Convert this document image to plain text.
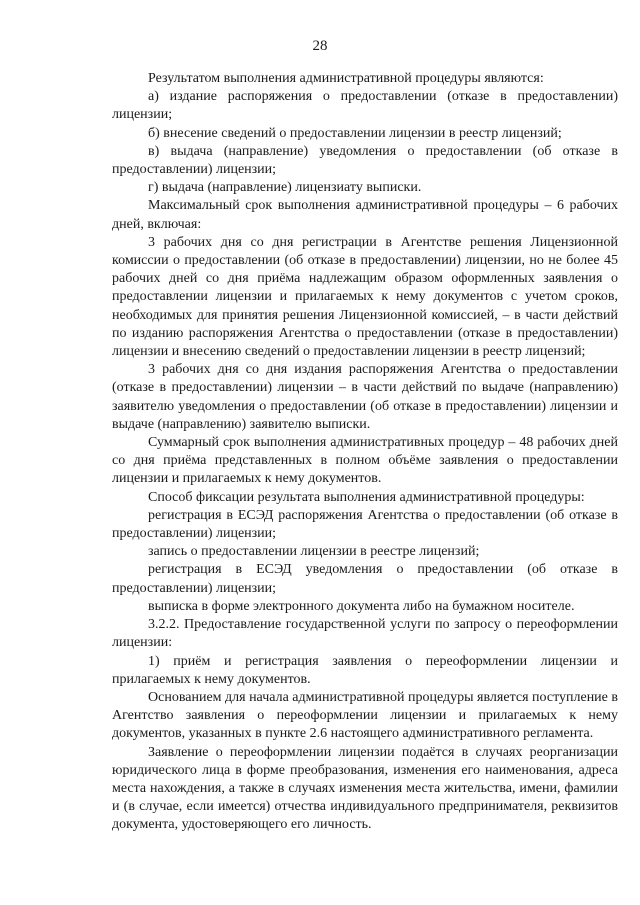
28

Результатом выполнения административной процедуры являются:

а) издание распоряжения о предоставлении (отказе в предоставлении) лицензии;

б) внесение сведений о предоставлении лицензии в реестр лицензий;

в) выдача (направление) уведомления о предоставлении (об отказе в предоставлении) лицензии;

г) выдача (направление) лицензиату выписки.

Максимальный срок выполнения административной процедуры – 6 рабочих дней, включая:

3 рабочих дня со дня регистрации в Агентстве решения Лицензионной комиссии о предоставлении (об отказе в предоставлении) лицензии, но не более 45 рабочих дней со дня приёма надлежащим образом оформленных заявления о предоставлении лицензии и прилагаемых к нему документов с учетом сроков, необходимых для принятия решения Лицензионной комиссией, – в части действий по изданию распоряжения Агентства о предоставлении (отказе в предоставлении) лицензии и внесению сведений о предоставлении лицензии в реестр лицензий;

3 рабочих дня со дня издания распоряжения Агентства о предоставлении (отказе в предоставлении) лицензии – в части действий по выдаче (направлению) заявителю уведомления о предоставлении (об отказе в предоставлении) лицензии и выдаче (направлению) заявителю выписки.

Суммарный срок выполнения административных процедур – 48 рабочих дней со дня приёма представленных в полном объёме заявления о предоставлении лицензии и прилагаемых к нему документов.

Способ фиксации результата выполнения административной процедуры:

регистрация в ЕСЭД распоряжения Агентства о предоставлении (об отказе в предоставлении) лицензии;

запись о предоставлении лицензии в реестре лицензий;

регистрация в ЕСЭД уведомления о предоставлении (об отказе в предоставлении) лицензии;

выписка в форме электронного документа либо на бумажном носителе.

3.2.2. Предоставление государственной услуги по запросу о переоформлении лицензии:

1) приём и регистрация заявления о переоформлении лицензии и прилагаемых к нему документов.

Основанием для начала административной процедуры является поступление в Агентство заявления о переоформлении лицензии и прилагаемых к нему документов, указанных в пункте 2.6 настоящего административного регламента.

Заявление о переоформлении лицензии подаётся в случаях реорганизации юридического лица в форме преобразования, изменения его наименования, адреса места нахождения, а также в случаях изменения места жительства, имени, фамилии и (в случае, если имеется) отчества индивидуального предпринимателя, реквизитов документа, удостоверяющего его личность.
